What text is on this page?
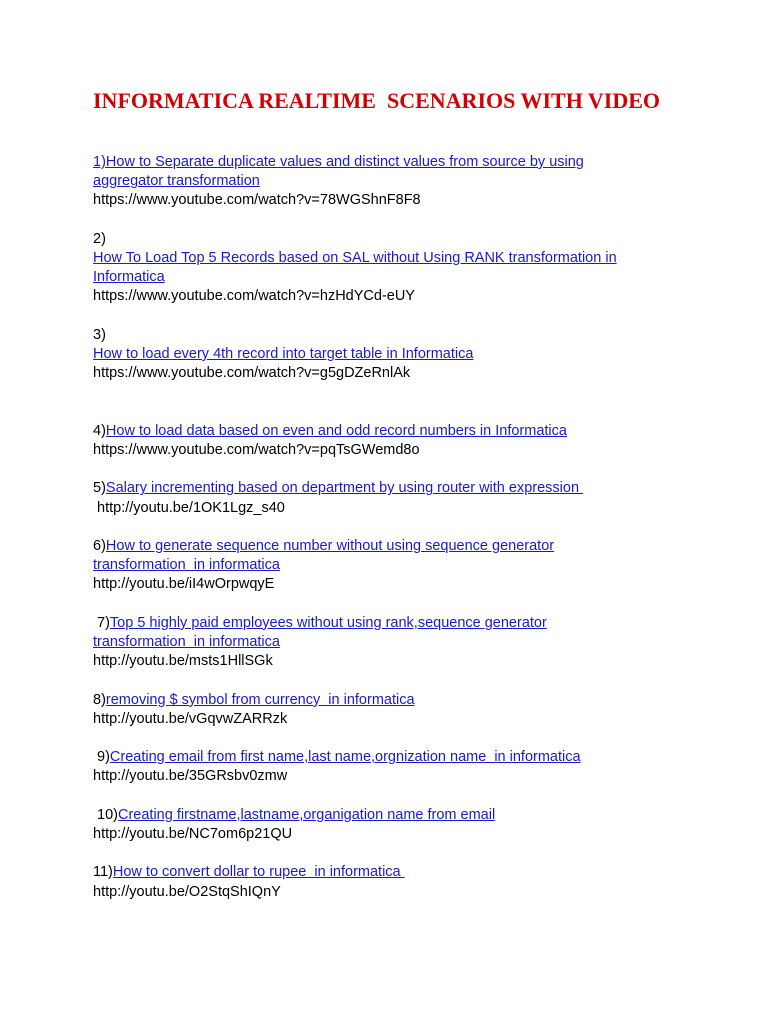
INFORMATICA REALTIME  SCENARIOS WITH VIDEO
1)How to Separate duplicate values and distinct values from source by using
aggregator transformation
https://www.youtube.com/watch?v=78WGShnF8F8
2)
How To Load Top 5 Records based on SAL without Using RANK transformation in
Informatica
https://www.youtube.com/watch?v=hzHdYCd-eUY
3)
How to load every 4th record into target table in Informatica
https://www.youtube.com/watch?v=g5gDZeRnlAk
4)How to load data based on even and odd record numbers in Informatica
https://www.youtube.com/watch?v=pqTsGWemd8o
5)Salary incrementing based on department by using router with expression
http://youtu.be/1OK1Lgz_s40
6)How to generate sequence number without using sequence generator
transformation  in informatica
http://youtu.be/iI4wOrpwqyE
7)Top 5 highly paid employees without using rank,sequence generator
transformation  in informatica
http://youtu.be/msts1HllSGk
8)removing $ symbol from currency  in informatica
http://youtu.be/vGqvwZARRzk
9)Creating email from first name,last name,orgnization name  in informatica
http://youtu.be/35GRsbv0zmw
10)Creating firstname,lastname,organigation name from email
http://youtu.be/NC7om6p21QU
11)How to convert dollar to rupee  in informatica
http://youtu.be/O2StqShIQnY
